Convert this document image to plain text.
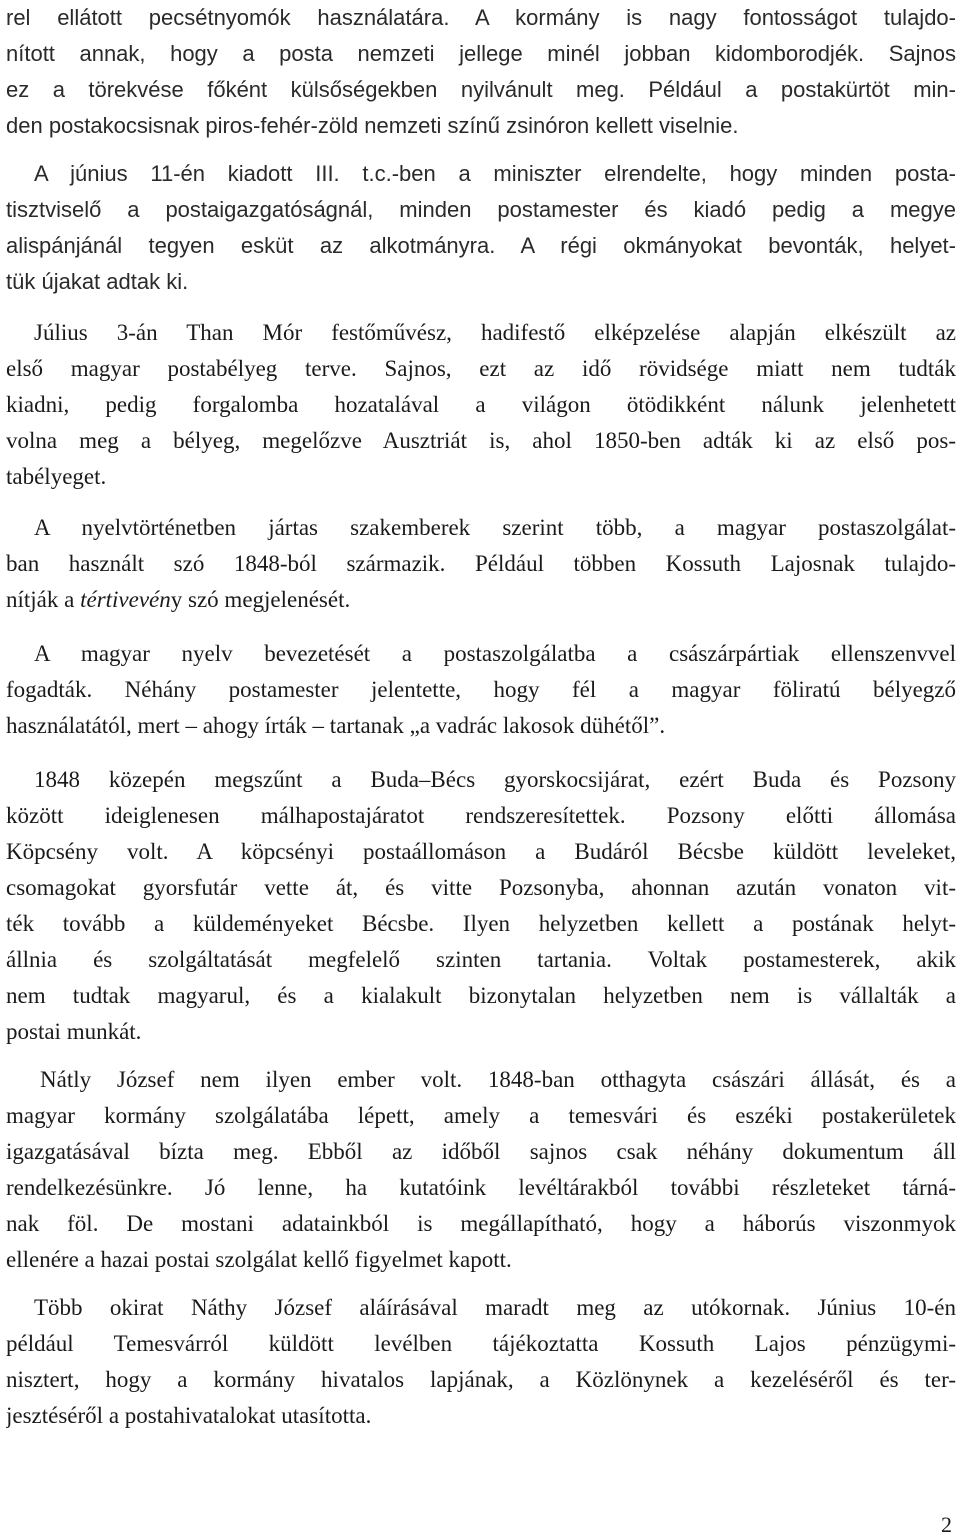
rel ellátott pecsétnyomók használatára. A kormány is nagy fontosságot tulajdo-
nított annak, hogy a posta nemzeti jellege minél jobban kidomborodjék. Sajnos
ez a törekvése főként külsőségekben nyilvánult meg. Például a postakürtöt min-
den postakocsisnak piros-fehér-zöld nemzeti színű zsinóron kellett viselnie.
A június 11-én kiadott III. t.c.-ben a miniszter elrendelte, hogy minden posta-
tisztviselő a postaigazgatóságnál, minden postamester és kiadó pedig a megye
alispánjánál tegyen esküt az alkotmányra. A régi okmányokat bevonták, helyet-
tük újakat adtak ki.
Július 3-án Than Mór festőművész, hadifestő elképzelése alapján elkészült az
első magyar postabélyeg terve. Sajnos, ezt az idő rövidsége miatt nem tudták
kiadni, pedig forgalomba hozatalával a világon ötödikként nálunk jelenhetett
volna meg a bélyeg, megelőzve Ausztriát is, ahol 1850-ben adták ki az első pos-
tabélyeget.
A nyelvtörténetben jártas szakemberek szerint több, a magyar postaszolgálat-
ban használt szó 1848-ból származik. Például többen Kossuth Lajosnak tulajdo-
nítják a tértivevény szó megjelenését.
A magyar nyelv bevezetését a postaszolgálatba a császárpártiak ellenszenvvel
fogadták. Néhány postamester jelentette, hogy fél a magyar föliratú bélyegző
használatától, mert – ahogy írták – tartanak „a vadrác lakosok dühétől”.
1848 közepén megszűnt a Buda–Bécs gyorskocsijárat, ezért Buda és Pozsony
között ideiglenesen málhapostajáratot rendszeresítettek. Pozsony előtti állomása
Köpcsény volt. A köpcsényi postaállomáson a Budáról Bécsbe küldött leveleket,
csomagokat gyorsfutár vette át, és vitte Pozsonyba, ahonnan azután vonaton vit-
ték tovább a küldeményeket Bécsbe. Ilyen helyzetben kellett a postának helyt-
állnia és szolgáltatását megfelelő szinten tartania. Voltak postamesterek, akik
nem tudtak magyarul, és a kialakult bizonytalan helyzetben nem is vállalták a
postai munkát.
Nátly József nem ilyen ember volt. 1848-ban otthagyta császári állását, és a
magyar kormány szolgálatába lépett, amely a temesvári és eszéki postakerületek
igazgatásával bízta meg. Ebből az időből sajnos csak néhány dokumentum áll
rendelkezésünkre. Jó lenne, ha kutatóink levéltárakból további részleteket tárná-
nak föl. De mostani adatainkból is megállapítható, hogy a háborús viszonmyok
ellenére a hazai postai szolgálat kellő figyelmet kapott.
Több okirat Náthy József aláírásával maradt meg az utókornak. Június 10-én
például Temesvárról küldött levélben tájékoztatta Kossuth Lajos pénzügymi-
nisztert, hogy a kormány hivatalos lapjának, a Közlönynek a kezeléséről és ter-
jesztéséről a postahivatalokat utasította.
2
